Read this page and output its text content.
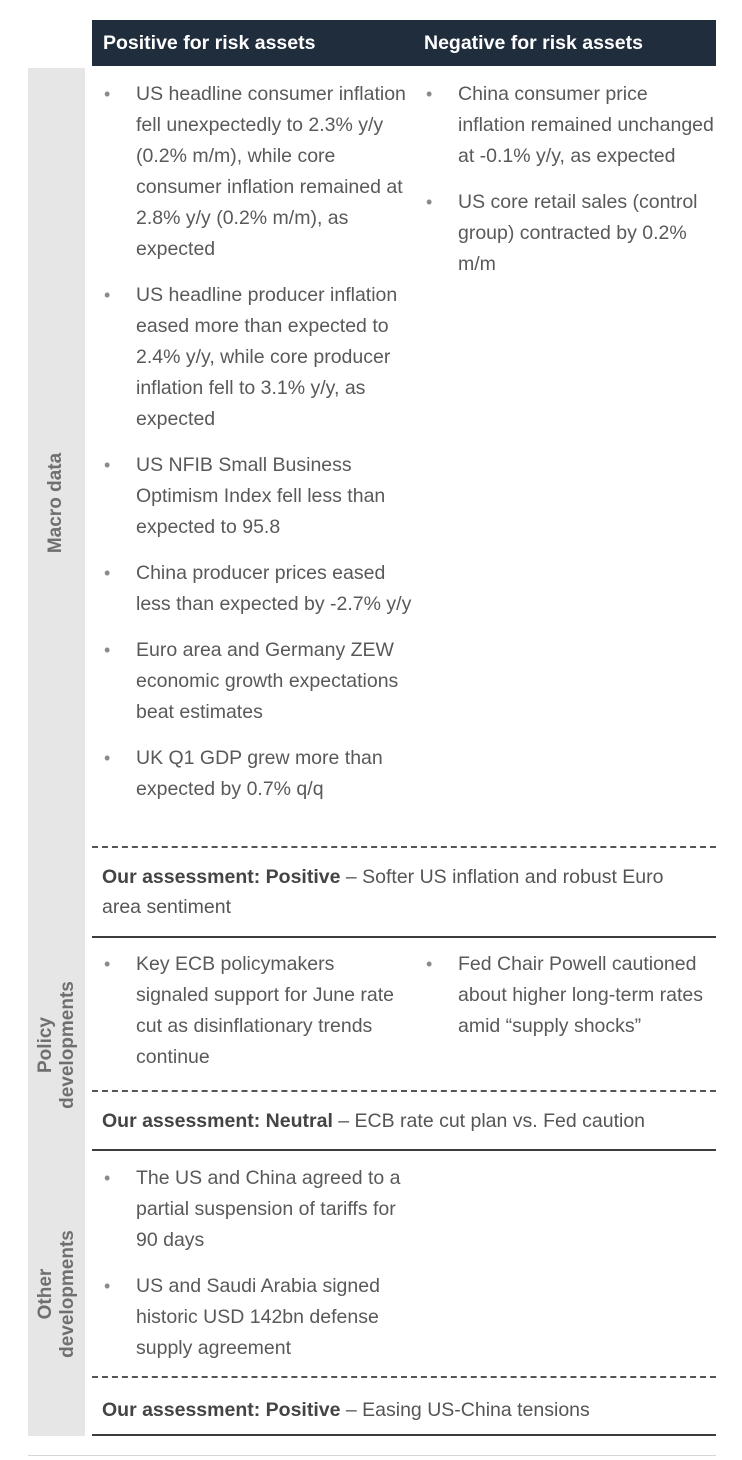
Positive for risk assets	Negative for risk assets
Macro data
• US headline consumer inflation fell unexpectedly to 2.3% y/y (0.2% m/m), while core consumer inflation remained at 2.8% y/y (0.2% m/m), as expected
• US headline producer inflation eased more than expected to 2.4% y/y, while core producer inflation fell to 3.1% y/y, as expected
• US NFIB Small Business Optimism Index fell less than expected to 95.8
• China producer prices eased less than expected by -2.7% y/y
• Euro area and Germany ZEW economic growth expectations beat estimates
• UK Q1 GDP grew more than expected by 0.7% q/q
• China consumer price inflation remained unchanged at -0.1% y/y, as expected
• US core retail sales (control group) contracted by 0.2% m/m
Our assessment: Positive – Softer US inflation and robust Euro area sentiment
Policy developments
• Key ECB policymakers signaled support for June rate cut as disinflationary trends continue
• Fed Chair Powell cautioned about higher long-term rates amid “supply shocks”
Our assessment: Neutral – ECB rate cut plan vs. Fed caution
Other developments
• The US and China agreed to a partial suspension of tariffs for 90 days
• US and Saudi Arabia signed historic USD 142bn defense supply agreement
Our assessment: Positive – Easing US-China tensions
